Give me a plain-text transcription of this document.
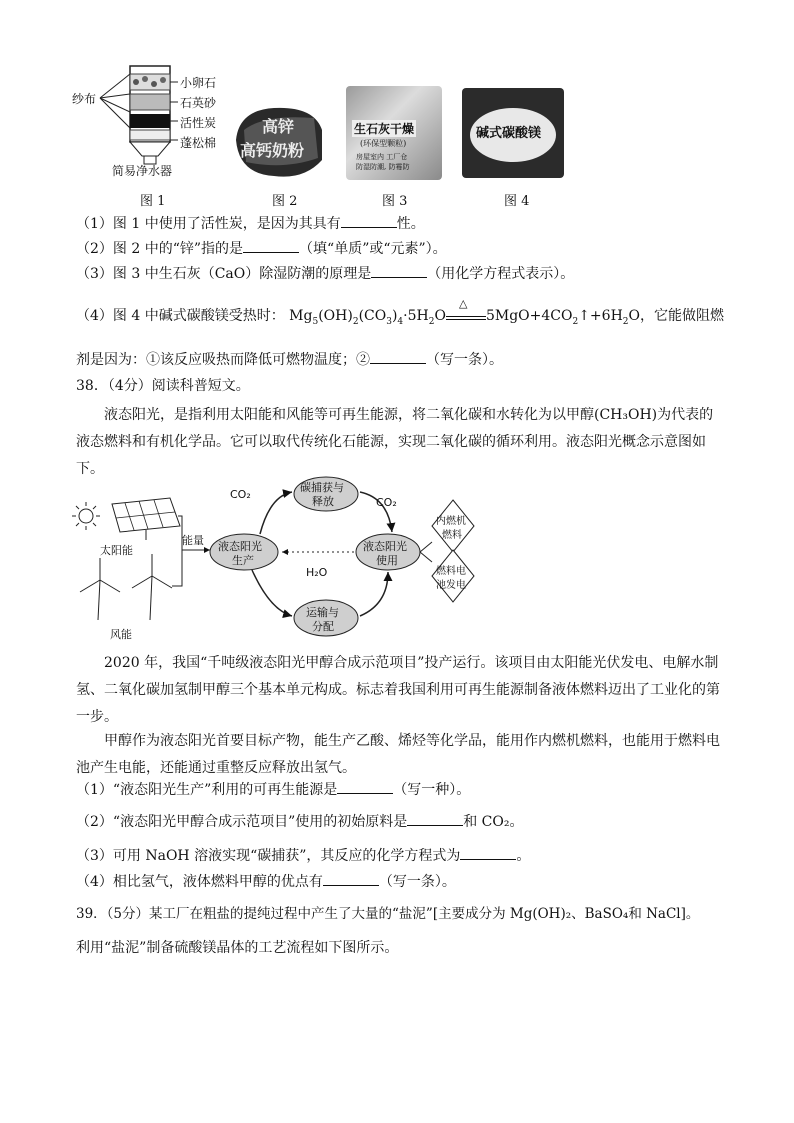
纱布
小卵石
石英砂
活性炭
蓬松棉
简易净水器
图 1
高锌
高钙奶粉
图 2
生石灰干燥
(环保型颗粒)
房屋室内 工厂仓
防湿防潮, 防霉防
图 3
碱式碳酸镁
图 4
（1）图 1 中使用了活性炭，是因为其具有	性。
（2）图 2 中的“锌”指的是	（填“单质”或“元素”）。
（3）图 3 中生石灰（CaO）除湿防潮的原理是	（用化学方程式表示）。
（4）图 4 中碱式碳酸镁受热时： $Mg_5(OH)_2(CO_3)_4\cdot 5H_2O$
△
$5MgO+4CO_2↑+6H_2O$，它能做阻燃
剂是因为：①该反应吸热而降低可燃物温度；②	（写一条）。
38．（4分）阅读科普短文。
液态阳光，是指利用太阳能和风能等可再生能源，将二氧化碳和水转化为以甲醇(CH₃OH)为代表的液态燃料和有机化学品。它可以取代传统化石能源，实现二氧化碳的循环利用。液态阳光概念示意图如下。
太阳能
风能
能量
CO₂
CO₂
H₂O
碳捕获与
释放
液态阳光
生产
液态阳光
使用
运输与
分配
内燃机
燃料
燃料电
池发电
2020 年，我国“千吨级液态阳光甲醇合成示范项目”投产运行。该项目由太阳能光伏发电、电解水制氢、二氧化碳加氢制甲醇三个基本单元构成。标志着我国利用可再生能源制备液体燃料迈出了工业化的第一步。
甲醇作为液态阳光首要目标产物，能生产乙酸、烯烃等化学品，能用作内燃机燃料，也能用于燃料电池产生电能，还能通过重整反应释放出氢气。
（1）“液态阳光生产”利用的可再生能源是	（写一种）。
（2）“液态阳光甲醇合成示范项目”使用的初始原料是	和 CO₂。
（3）可用 NaOH 溶液实现“碳捕获”，其反应的化学方程式为	。
（4）相比氢气，液体燃料甲醇的优点有	（写一条）。
39．（5分）某工厂在粗盐的提纯过程中产生了大量的“盐泥”[主要成分为 Mg(OH)₂、BaSO₄和 NaCl]。
利用“盐泥”制备硫酸镁晶体的工艺流程如下图所示。
